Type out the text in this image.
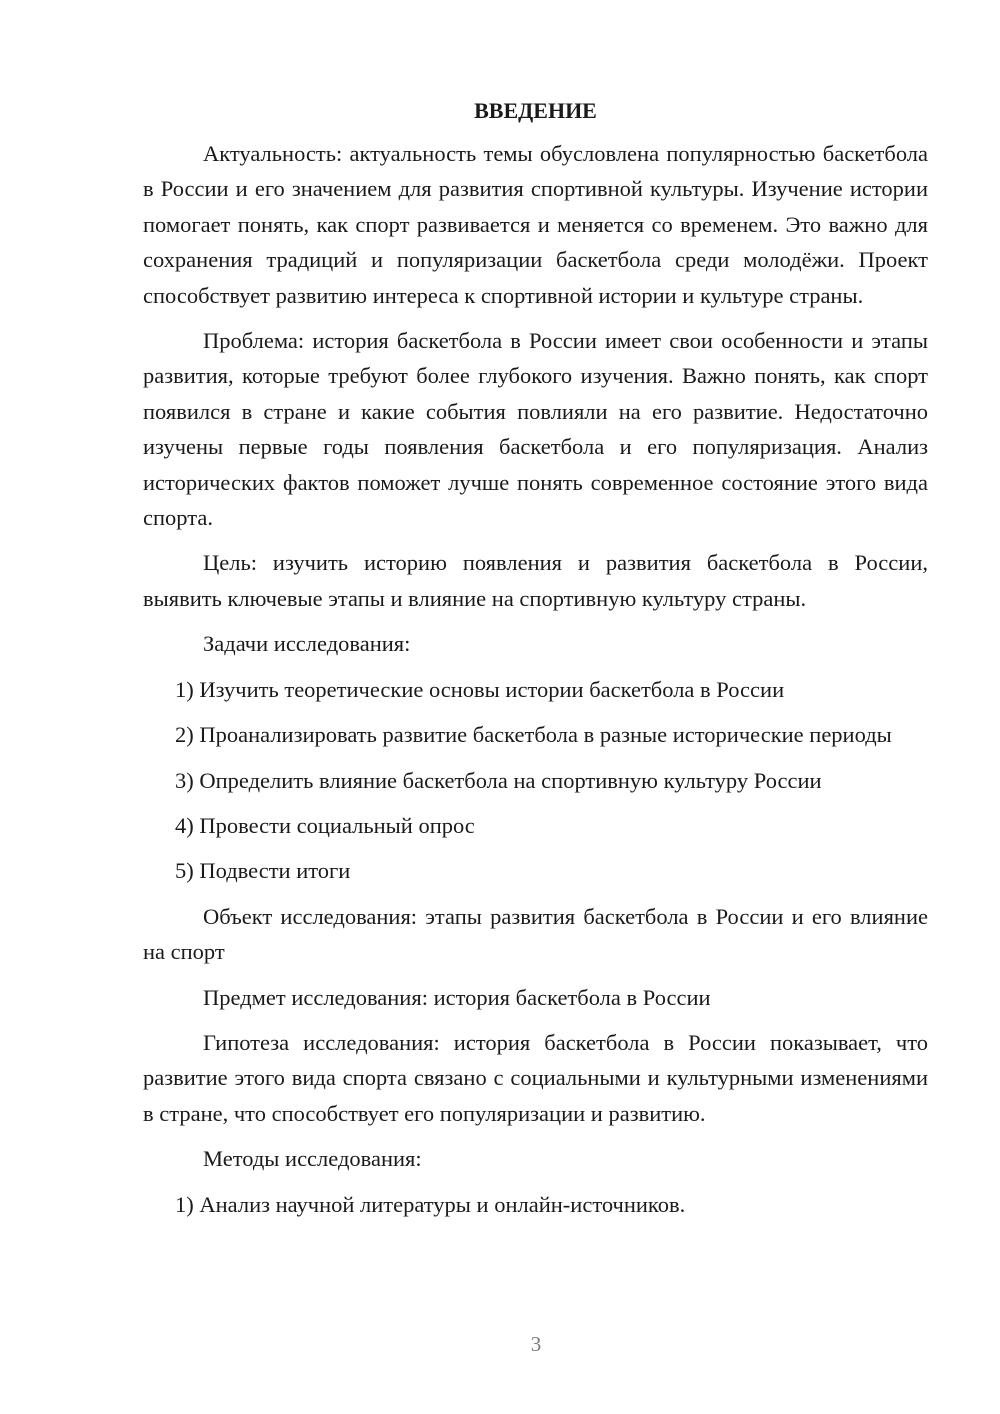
ВВЕДЕНИЕ

Актуальность: актуальность темы обусловлена популярностью баскетбола в России и его значением для развития спортивной культуры. Изучение истории помогает понять, как спорт развивается и меняется со временем. Это важно для сохранения традиций и популяризации баскетбола среди молодёжи. Проект способствует развитию интереса к спортивной истории и культуре страны.

Проблема: история баскетбола в России имеет свои особенности и этапы развития, которые требуют более глубокого изучения. Важно понять, как спорт появился в стране и какие события повлияли на его развитие. Недостаточно изучены первые годы появления баскетбола и его популяризация. Анализ исторических фактов поможет лучше понять современное состояние этого вида спорта.

Цель: изучить историю появления и развития баскетбола в России, выявить ключевые этапы и влияние на спортивную культуру страны.

Задачи исследования:

1) Изучить теоретические основы истории баскетбола в России

2) Проанализировать развитие баскетбола в разные исторические периоды

3) Определить влияние баскетбола на спортивную культуру России

4) Провести социальный опрос

5) Подвести итоги

Объект исследования: этапы развития баскетбола в России и его влияние на спорт

Предмет исследования: история баскетбола в России

Гипотеза исследования: история баскетбола в России показывает, что развитие этого вида спорта связано с социальными и культурными изменениями в стране, что способствует его популяризации и развитию.

Методы исследования:

1) Анализ научной литературы и онлайн-источников.

3
